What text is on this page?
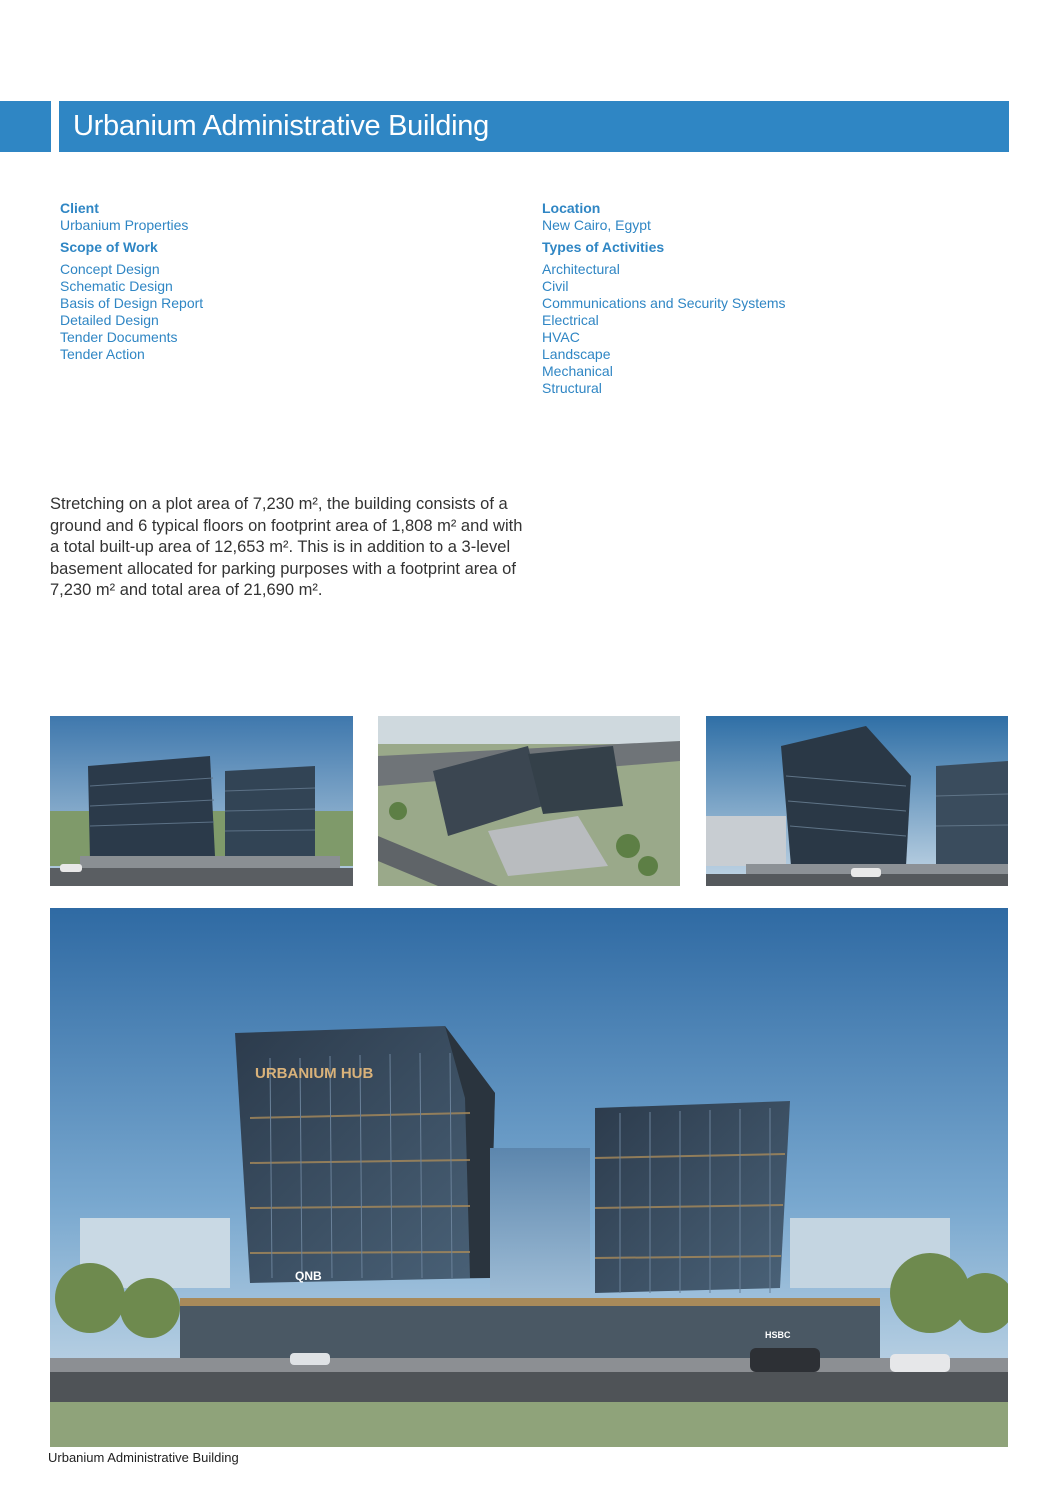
Urbanium Administrative Building
Client
Urbanium Properties
Scope of Work
Concept Design
Schematic Design
Basis of Design Report
Detailed Design
Tender Documents
Tender Action
Location
New Cairo, Egypt
Types of Activities
Architectural
Civil
Communications and Security Systems
Electrical
HVAC
Landscape
Mechanical
Structural

Stretching on a plot area of 7,230 m², the building consists of a ground and 6 typical floors on footprint area of 1,808 m² and with a total built-up area of 12,653 m². This is in addition to a 3-level basement allocated for parking purposes with a footprint area of 7,230 m² and total area of 21,690 m².

URBANIUM HUB
QNB
HSBC
Urbanium Administrative Building
